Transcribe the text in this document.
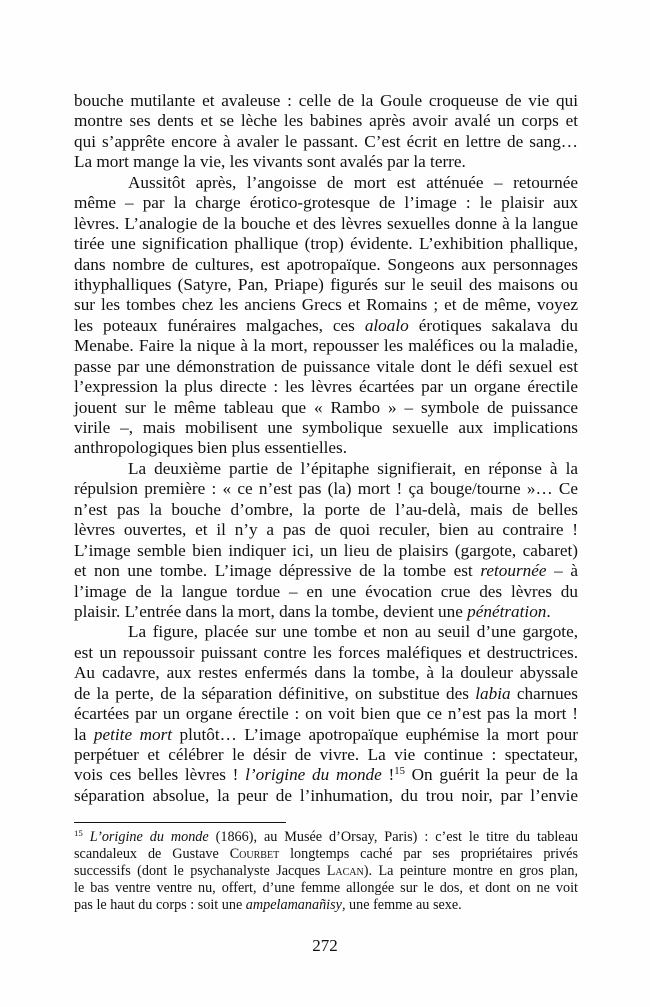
bouche mutilante et avaleuse : celle de la Goule croqueuse de vie qui
montre ses dents et se lèche les babines après avoir avalé un corps et
qui s’apprête encore à avaler le passant. C’est écrit en lettre de sang…
La mort mange la vie, les vivants sont avalés par la terre.
Aussitôt après, l’angoisse de mort est atténuée – retournée
même – par la charge érotico-grotesque de l’image : le plaisir aux
lèvres. L’analogie de la bouche et des lèvres sexuelles donne à la langue
tirée une signification phallique (trop) évidente. L’exhibition phallique,
dans nombre de cultures, est apotropaïque. Songeons aux personnages
ithyphalliques (Satyre, Pan, Priape) figurés sur le seuil des maisons ou
sur les tombes chez les anciens Grecs et Romains ; et de même, voyez
les poteaux funéraires malgaches, ces aloalo érotiques sakalava du
Menabe. Faire la nique à la mort, repousser les maléfices ou la maladie,
passe par une démonstration de puissance vitale dont le défi sexuel est
l’expression la plus directe : les lèvres écartées par un organe érectile
jouent sur le même tableau que « Rambo » – symbole de puissance
virile –, mais mobilisent une symbolique sexuelle aux implications
anthropologiques bien plus essentielles.
La deuxième partie de l’épitaphe signifierait, en réponse à la
répulsion première : « ce n’est pas (la) mort ! ça bouge/tourne »… Ce
n’est pas la bouche d’ombre, la porte de l’au-delà, mais de belles
lèvres ouvertes, et il n’y a pas de quoi reculer, bien au contraire !
L’image semble bien indiquer ici, un lieu de plaisirs (gargote, cabaret)
et non une tombe. L’image dépressive de la tombe est retournée – à
l’image de la langue tordue – en une évocation crue des lèvres du
plaisir. L’entrée dans la mort, dans la tombe, devient une pénétration.
La figure, placée sur une tombe et non au seuil d’une gargote,
est un repoussoir puissant contre les forces maléfiques et destructrices.
Au cadavre, aux restes enfermés dans la tombe, à la douleur abyssale
de la perte, de la séparation définitive, on substitue des labia charnues
écartées par un organe érectile : on voit bien que ce n’est pas la mort !
la petite mort plutôt… L’image apotropaïque euphémise la mort pour
perpétuer et célébrer le désir de vivre. La vie continue : spectateur,
vois ces belles lèvres ! l’origine du monde !$^{15}$ On guérit la peur de la
séparation absolue, la peur de l’inhumation, du trou noir, par l’envie
$^{15}$ L’origine du monde (1866), au Musée d’Orsay, Paris) : c’est le titre du tableau
scandaleux de Gustave Courbet longtemps caché par ses propriétaires privés
successifs (dont le psychanalyste Jacques Lacan). La peinture montre en gros plan,
le bas ventre ventre nu, offert, d’une femme allongée sur le dos, et dont on ne voit
pas le haut du corps : soit une ampelamanañisy, une femme au sexe.
272
